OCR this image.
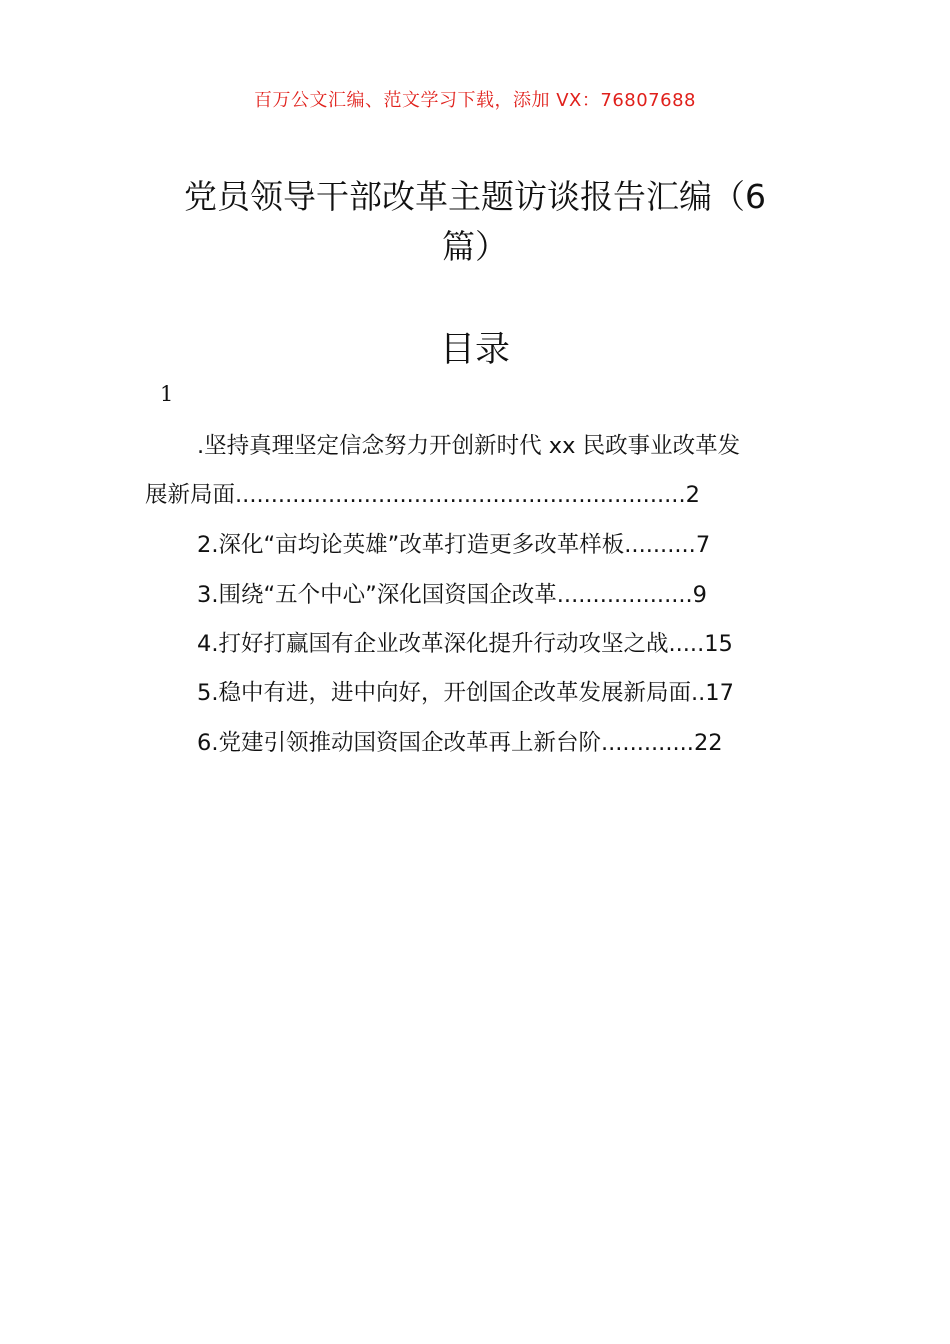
百万公文汇编、范文学习下载，添加 VX：76807688
党员领导干部改革主题访谈报告汇编（6
篇）
目录
1
.坚持真理坚定信念努力开创新时代 xx 民政事业改革发
展新局面...............................................................2
2.深化“亩均论英雄”改革打造更多改革样板..........7
3.围绕“五个中心”深化国资国企改革...................9
4.打好打赢国有企业改革深化提升行动攻坚之战.....15
5.稳中有进，进中向好，开创国企改革发展新局面..17
6.党建引领推动国资国企改革再上新台阶.............22
